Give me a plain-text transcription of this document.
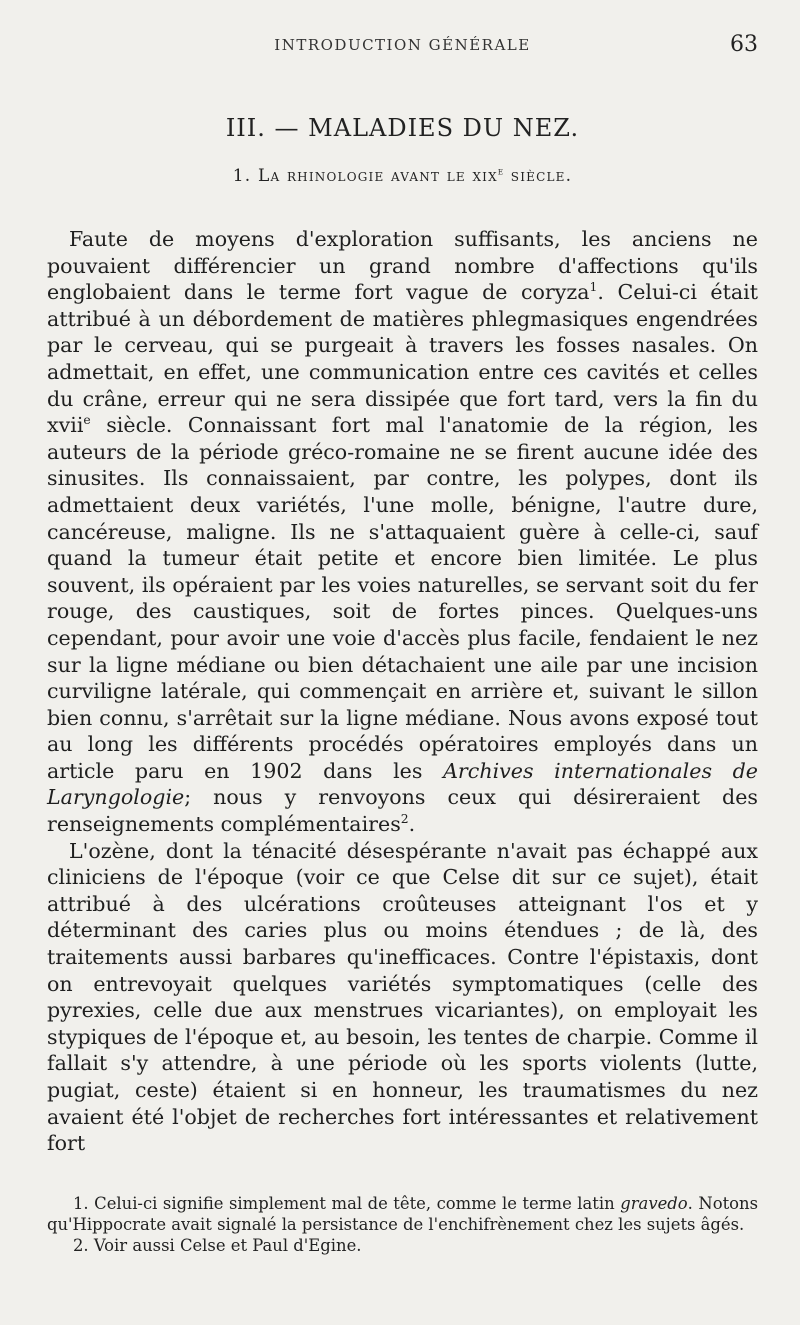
INTRODUCTION GÉNÉRALE	63
III. — MALADIES DU NEZ.
1. La rhinologie avant le xix$^e$ siècle.

Faute de moyens d'exploration suffisants, les anciens ne pouvaient différencier un grand nombre d'affections qu'ils englobaient dans le terme fort vague de coryza$^1$. Celui-ci était attribué à un débordement de matières phlegmasiques engendrées par le cerveau, qui se purgeait à travers les fosses nasales. On admettait, en effet, une communication entre ces cavités et celles du crâne, erreur qui ne sera dissipée que fort tard, vers la fin du xvii$^e$ siècle. Connaissant fort mal l'anatomie de la région, les auteurs de la période gréco-romaine ne se firent aucune idée des sinusites. Ils connaissaient, par contre, les polypes, dont ils admettaient deux variétés, l'une molle, bénigne, l'autre dure, cancéreuse, maligne. Ils ne s'attaquaient guère à celle-ci, sauf quand la tumeur était petite et encore bien limitée. Le plus souvent, ils opéraient par les voies naturelles, se servant soit du fer rouge, des caustiques, soit de fortes pinces. Quelques-uns cependant, pour avoir une voie d'accès plus facile, fendaient le nez sur la ligne médiane ou bien détachaient une aile par une incision curviligne latérale, qui commençait en arrière et, suivant le sillon bien connu, s'arrêtait sur la ligne médiane. Nous avons exposé tout au long les différents procédés opératoires employés dans un article paru en 1902 dans les Archives internationales de Laryngologie; nous y renvoyons ceux qui désireraient des renseignements complémentaires$^2$.

L'ozène, dont la ténacité désespérante n'avait pas échappé aux cliniciens de l'époque (voir ce que Celse dit sur ce sujet), était attribué à des ulcérations croûteuses atteignant l'os et y déterminant des caries plus ou moins étendues ; de là, des traitements aussi barbares qu'inefficaces. Contre l'épistaxis, dont on entrevoyait quelques variétés symptomatiques (celle des pyrexies, celle due aux menstrues vicariantes), on employait les stypiques de l'époque et, au besoin, les tentes de charpie. Comme il fallait s'y attendre, à une période où les sports violents (lutte, pugiat, ceste) étaient si en honneur, les traumatismes du nez avaient été l'objet de recherches fort intéressantes et relativement fort

1. Celui-ci signifie simplement mal de tête, comme le terme latin gravedo. Notons qu'Hippocrate avait signalé la persistance de l'enchifrènement chez les sujets âgés.

2. Voir aussi Celse et Paul d'Egine.
